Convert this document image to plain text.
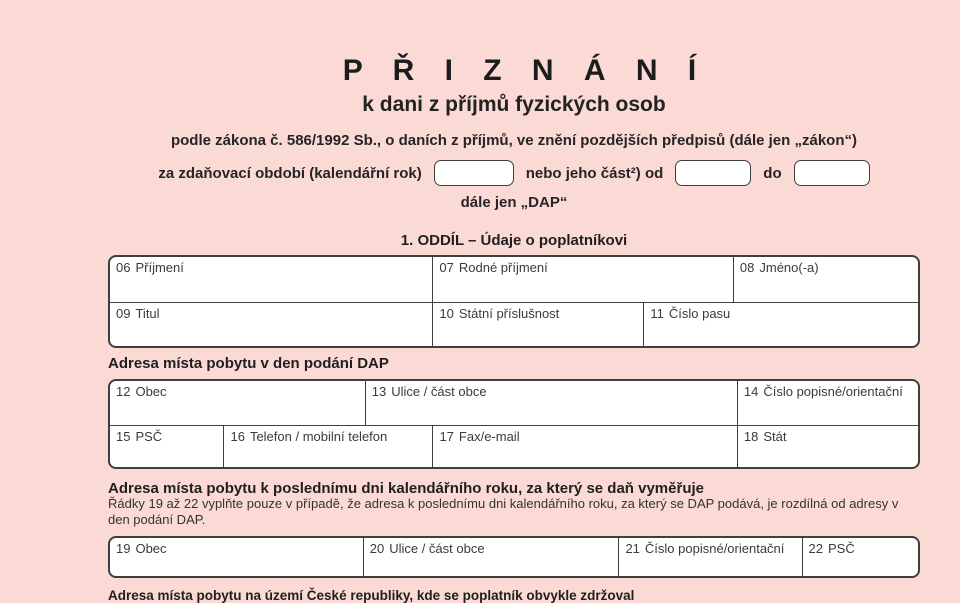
P Ř I Z N Á N Í
k dani z příjmů fyzických osob
podle zákona č. 586/1992 Sb., o daních z příjmů, ve znění pozdějších předpisů (dále jen „zákon“)
za zdaňovací období (kalendářní rok)	nebo jeho část²) od	do
dále jen „DAP“
1. ODDÍL – Údaje o poplatníkovi
06 Příjmení	07 Rodné příjmení	08 Jméno(-a)
09 Titul	10 Státní příslušnost	11 Číslo pasu
Adresa místa pobytu v den podání DAP
12 Obec	13 Ulice / část obce	14 Číslo popisné/orientační
15 PSČ	16 Telefon / mobilní telefon	17 Fax/e-mail	18 Stát
Adresa místa pobytu k poslednímu dni kalendářního roku, za který se daň vyměřuje
Řádky 19 až 22 vyplňte pouze v případě, že adresa k poslednímu dni kalendářního roku, za který se DAP podává, je rozdílná od adresy v den podání DAP.
19 Obec	20 Ulice / část obce	21 Číslo popisné/orientační 22 PSČ
Adresa místa pobytu na území České republiky, kde se poplatník obvykle zdržoval
